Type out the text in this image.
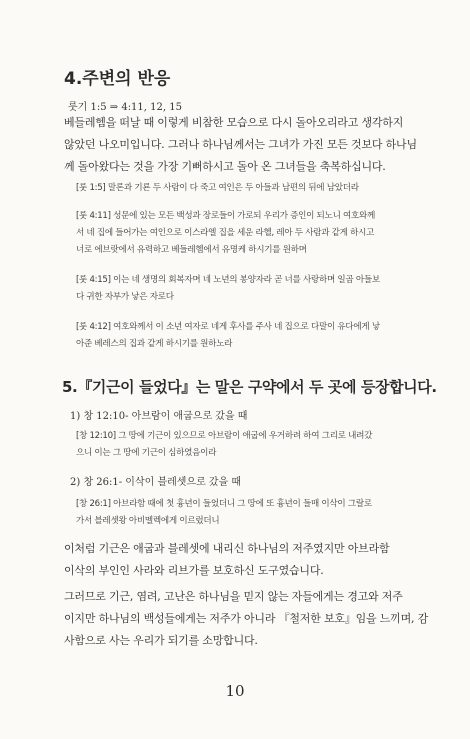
4.주변의 반응
룻기 1:5 ⇒ 4:11, 12, 15
베들레헴을 떠날 때 이렇게 비참한 모습으로 다시 돌아오리라고 생각하지
않았던 나오미입니다. 그러나 하나님께서는 그녀가 가진 모든 것보다 하나님
께 돌아왔다는 것을 가장 기뻐하시고 돌아 온 그녀들을 축복하십니다.
[룻 1:5] 말론과 기룐 두 사람이 다 죽고 여인은 두 아들과 남편의 뒤에 남았더라
[룻 4:11] 성문에 있는 모든 백성과 장로들이 가로되 우리가 증인이 되노니 여호와께
서 네 집에 들어가는 여인으로 이스라엘 집을 세운 라헬, 레아 두 사람과 같게 하시고
너로 에브랏에서 유력하고 베들레헴에서 유명케 하시기를 원하며
[룻 4:15] 이는 네 생명의 회복자며 네 노년의 봉양자라 곧 너를 사랑하며 일곱 아들보
다 귀한 자부가 낳은 자로다
[룻 4:12] 여호와께서 이 소년 여자로 네게 후사를 주사 네 집으로 다말이 유다에게 낳
아준 베레스의 집과 같게 하시기를 원하노라
5.『기근이 들었다』는 말은 구약에서 두 곳에 등장합니다.
1) 창 12:10- 아브람이 애굽으로 갔을 때
[창 12:10] 그 땅에 기근이 있으므로 아브람이 애굽에 우거하려 하여 그리로 내려갔
으니 이는 그 땅에 기근이 심하였음이라
2) 창 26:1- 이삭이 블레셋으로 갔을 때
[창 26:1] 아브라함 때에 첫 흉년이 들었더니 그 땅에 또 흉년이 들매 이삭이 그랄로
가서 블레셋왕 아비멜렉에게 이르렀더니
이처럼 기근은 애굽과 블레셋에 내리신 하나님의 저주였지만 아브라함
이삭의 부인인 사라와 리브가를 보호하신 도구였습니다.
그러므로 기근, 염려, 고난은 하나님을 믿지 않는 자들에게는 경고와 저주
이지만 하나님의 백성들에게는 저주가 아니라 『철저한 보호』임을 느끼며, 감
사함으로 사는 우리가 되기를 소망합니다.
10
